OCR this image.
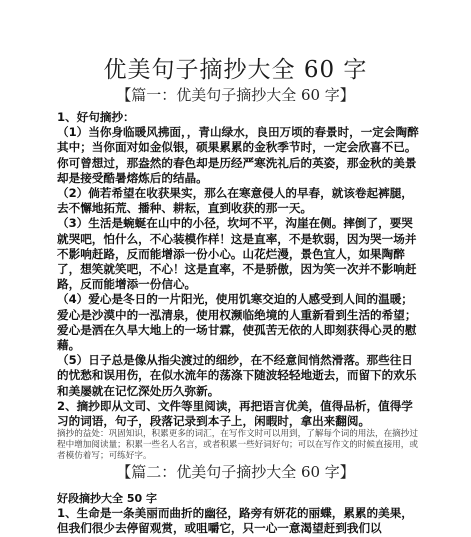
优美句子摘抄大全 60 字
【篇一：优美句子摘抄大全 60 字】

1、好句摘抄：

（1）当你身临暖风拂面，，青山绿水，良田万顷的春景时，一定会陶醉其中；当你面对如金似银，硕果累累的金秋季节时，一定会欣喜不已。你可曾想过，那盎然的春色却是历经严寒洗礼后的英姿，那金秋的美景却是接受酷暑熔炼后的结晶。

（2）倘若希望在收获果实，那么在寒意侵人的早春，就该卷起裤腿，去不懈地拓荒、播种、耕耘，直到收获的那一天。

（3）生活是蜿蜒在山中的小径，坎坷不平，沟崖在侧。摔倒了，要哭就哭吧，怕什么，不心装模作样！这是直率，不是软弱，因为哭一场并不影响赶路，反而能增添一份小心。山花烂漫，景色宜人，如果陶醉了，想笑就笑吧，不心！这是直率，不是骄傲，因为笑一次并不影响赶路，反而能增添一份信心。

（4）爱心是冬日的一片阳光，使用饥寒交迫的人感受到人间的温暖；爱心是沙漠中的一泓清泉，使用权濒临绝境的人重新看到生活的希望；爱心是洒在久旱大地上的一场甘霖，使孤苦无依的人即刻获得心灵的慰藉。

（5）日子总是像从指尖渡过的细纱，在不经意间悄然滑落。那些往日的忧愁和误用伤，在似水流年的荡涤下随波轻轻地逝去，而留下的欢乐和美屡就在记忆深处历久弥新。

2、摘抄即从文司、文件等里阅读，再把语言优美，值得品析，值得学习的词语，句子，段落记录到本子上，闲暇时，拿出来翻阅。

摘抄的益处：巩固知识，积累更多的词汇，在写作文时可以用到，了解每个词的用法，在摘抄过程中增加阅读量；积累一些名人名言，或者积累一些好词好句；可以在写作文的时候直接用，或者模仿着写；可练好字。

【篇二：优美句子摘抄大全 60 字】

好段摘抄大全 50 字

1、生命是一条美丽而曲折的幽径，路旁有妍花的丽蝶，累累的美果，但我们很少去停留观赏，或咀嚼它，只一心一意渴望赶到我们以
